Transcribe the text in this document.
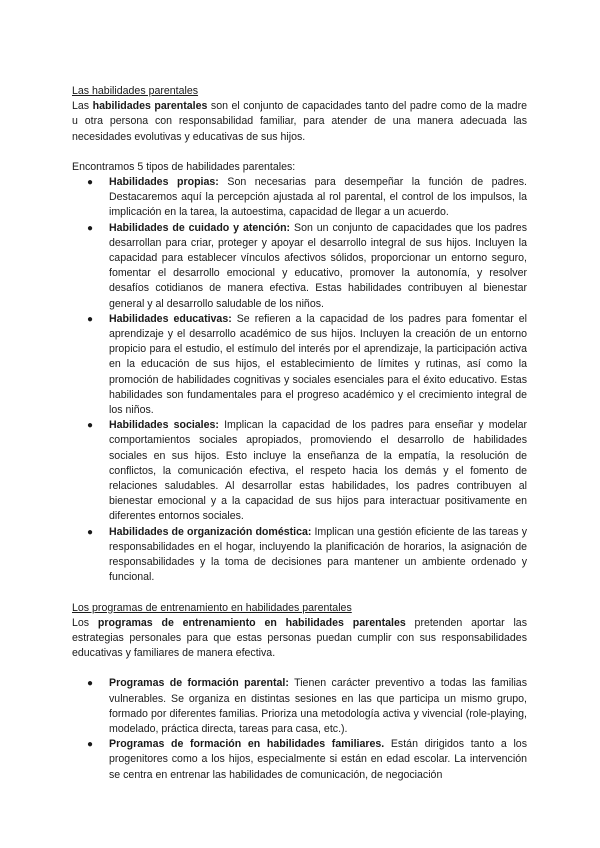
Las habilidades parentales

Las habilidades parentales son el conjunto de capacidades tanto del padre como de la madre u otra persona con responsabilidad familiar, para atender de una manera adecuada las necesidades evolutivas y educativas de sus hijos.

Encontramos 5 tipos de habilidades parentales:

● Habilidades propias: Son necesarias para desempeñar la función de padres. Destacaremos aquí la percepción ajustada al rol parental, el control de los impulsos, la implicación en la tarea, la autoestima, capacidad de llegar a un acuerdo.
● Habilidades de cuidado y atención: Son un conjunto de capacidades que los padres desarrollan para criar, proteger y apoyar el desarrollo integral de sus hijos. Incluyen la capacidad para establecer vínculos afectivos sólidos, proporcionar un entorno seguro, fomentar el desarrollo emocional y educativo, promover la autonomía, y resolver desafíos cotidianos de manera efectiva. Estas habilidades contribuyen al bienestar general y al desarrollo saludable de los niños.
● Habilidades educativas: Se refieren a la capacidad de los padres para fomentar el aprendizaje y el desarrollo académico de sus hijos. Incluyen la creación de un entorno propicio para el estudio, el estímulo del interés por el aprendizaje, la participación activa en la educación de sus hijos, el establecimiento de límites y rutinas, así como la promoción de habilidades cognitivas y sociales esenciales para el éxito educativo. Estas habilidades son fundamentales para el progreso académico y el crecimiento integral de los niños.
● Habilidades sociales: Implican la capacidad de los padres para enseñar y modelar comportamientos sociales apropiados, promoviendo el desarrollo de habilidades sociales en sus hijos. Esto incluye la enseñanza de la empatía, la resolución de conflictos, la comunicación efectiva, el respeto hacia los demás y el fomento de relaciones saludables. Al desarrollar estas habilidades, los padres contribuyen al bienestar emocional y a la capacidad de sus hijos para interactuar positivamente en diferentes entornos sociales.
● Habilidades de organización doméstica: Implican una gestión eficiente de las tareas y responsabilidades en el hogar, incluyendo la planificación de horarios, la asignación de responsabilidades y la toma de decisiones para mantener un ambiente ordenado y funcional.
Los programas de entrenamiento en habilidades parentales

Los programas de entrenamiento en habilidades parentales pretenden aportar las estrategias personales para que estas personas puedan cumplir con sus responsabilidades educativas y familiares de manera efectiva.

● Programas de formación parental: Tienen carácter preventivo a todas las familias vulnerables. Se organiza en distintas sesiones en las que participa un mismo grupo, formado por diferentes familias. Prioriza una metodología activa y vivencial (role-playing, modelado, práctica directa, tareas para casa, etc.).
● Programas de formación en habilidades familiares. Están dirigidos tanto a los progenitores como a los hijos, especialmente si están en edad escolar. La intervención se centra en entrenar las habilidades de comunicación, de negociación
